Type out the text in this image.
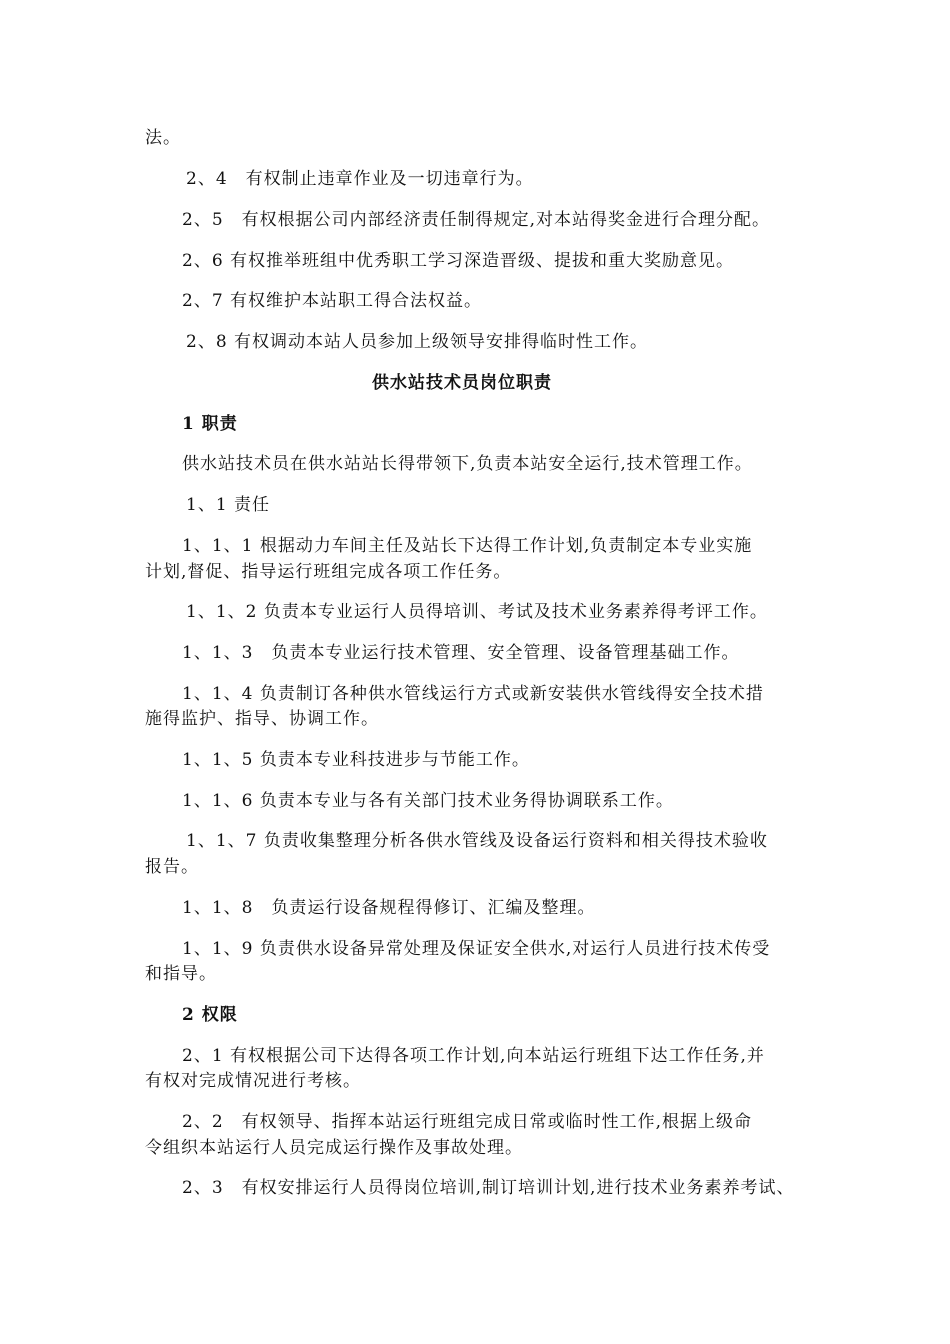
法。
2、4　有权制止违章作业及一切违章行为。
2、5　有权根据公司内部经济责任制得规定,对本站得奖金进行合理分配。
2、6 有权推举班组中优秀职工学习深造晋级、提拔和重大奖励意见。
2、7 有权维护本站职工得合法权益。
2、8 有权调动本站人员参加上级领导安排得临时性工作。
供水站技术员岗位职责
1 职责
供水站技术员在供水站站长得带领下,负责本站安全运行,技术管理工作。
1、1 责任
1、1、1 根据动力车间主任及站长下达得工作计划,负责制定本专业实施
计划,督促、指导运行班组完成各项工作任务。
1、1、2 负责本专业运行人员得培训、考试及技术业务素养得考评工作。
1、1、3　负责本专业运行技术管理、安全管理、设备管理基础工作。
1、1、4 负责制订各种供水管线运行方式或新安装供水管线得安全技术措
施得监护、指导、协调工作。
1、1、5 负责本专业科技进步与节能工作。
1、1、6 负责本专业与各有关部门技术业务得协调联系工作。
1、1、7 负责收集整理分析各供水管线及设备运行资料和相关得技术验收
报告。
1、1、8　负责运行设备规程得修订、汇编及整理。
1、1、9 负责供水设备异常处理及保证安全供水,对运行人员进行技术传受
和指导。
2 权限
2、1 有权根据公司下达得各项工作计划,向本站运行班组下达工作任务,并
有权对完成情况进行考核。
2、2　有权领导、指挥本站运行班组完成日常或临时性工作,根据上级命
令组织本站运行人员完成运行操作及事故处理。
2、3　有权安排运行人员得岗位培训,制订培训计划,进行技术业务素养考试、
